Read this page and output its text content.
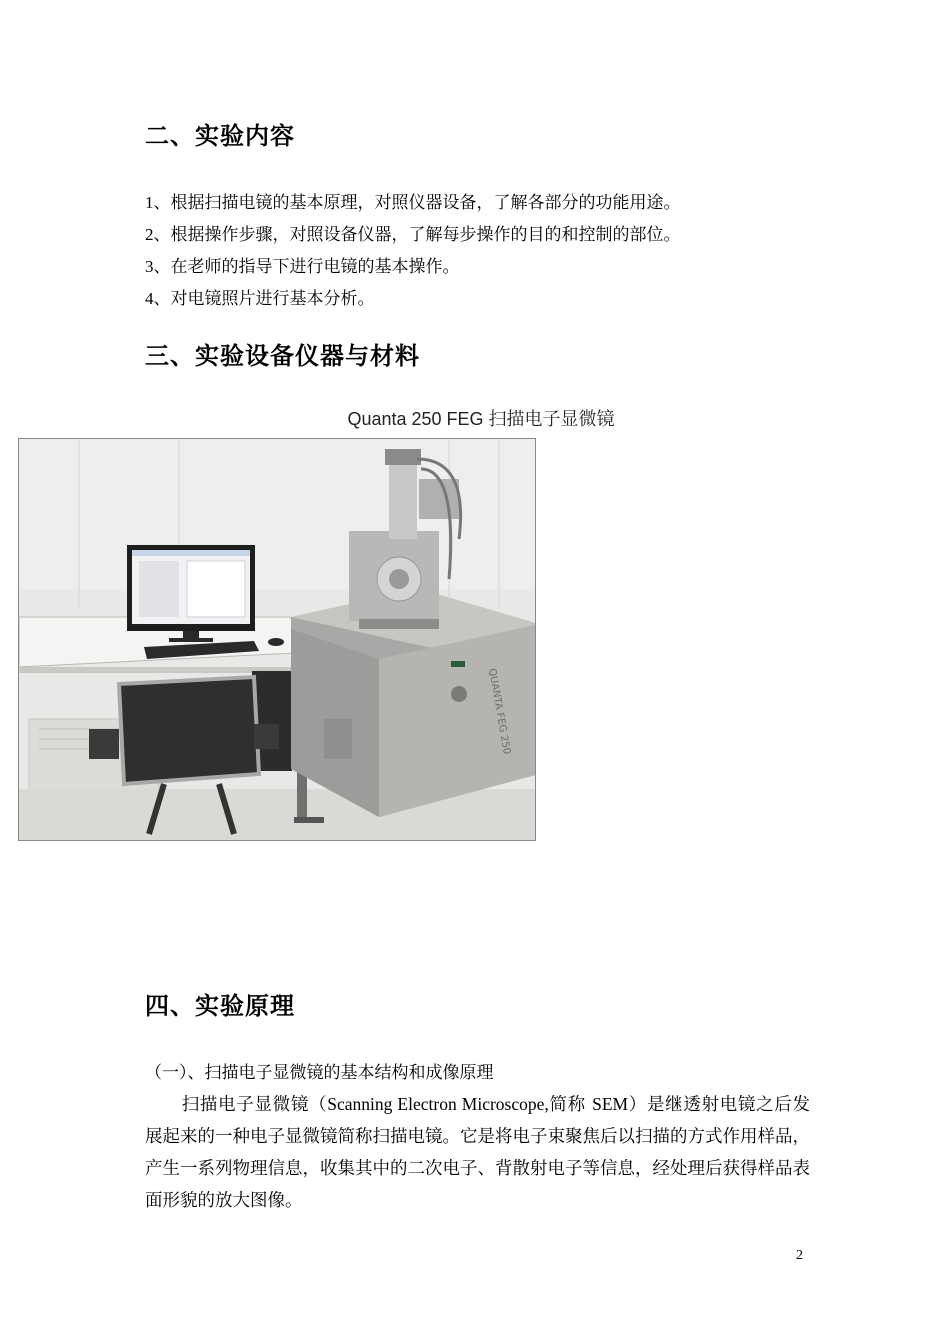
二、实验内容
1、根据扫描电镜的基本原理，对照仪器设备，了解各部分的功能用途。
2、根据操作步骤，对照设备仪器，了解每步操作的目的和控制的部位。
3、在老师的指导下进行电镜的基本操作。
4、对电镜照片进行基本分析。
三、实验设备仪器与材料
Quanta 250 FEG 扫描电子显微镜
QUANTA FEG 250
四、实验原理
（一）、扫描电子显微镜的基本结构和成像原理
扫描电子显微镜（Scanning Electron Microscope,简称 SEM）是继透射电镜之后发展起来的一种电子显微镜简称扫描电镜。它是将电子束聚焦后以扫描的方式作用样品，产生一系列物理信息，收集其中的二次电子、背散射电子等信息，经处理后获得样品表面形貌的放大图像。
2
